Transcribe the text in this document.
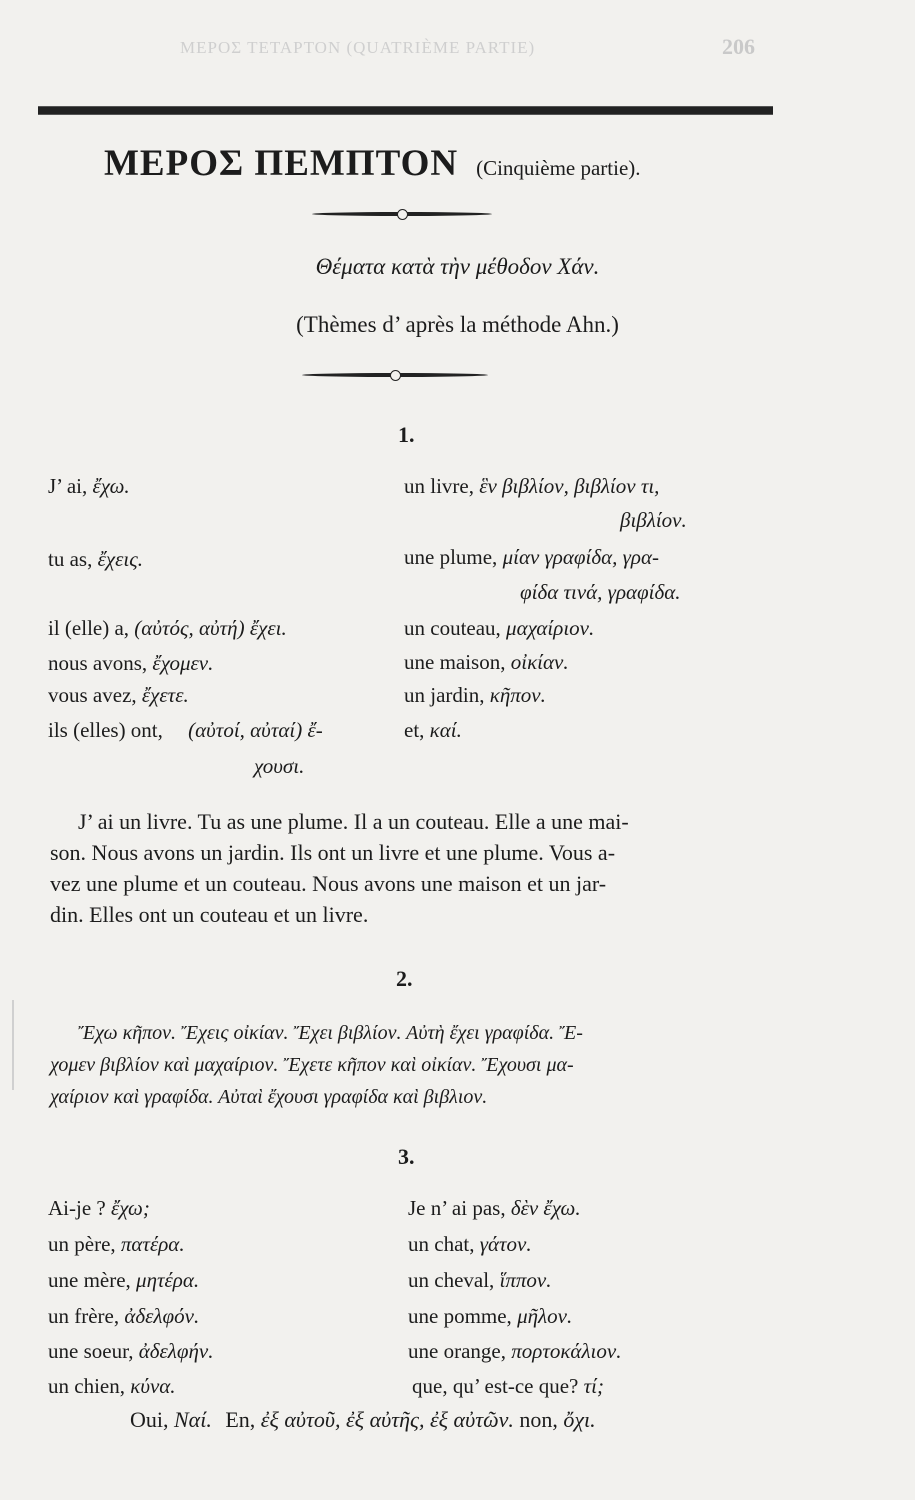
ΜΕΡΟΣ ΤΕΤΑΡΤΟΝ (QUATRIÈME PARTIE)	206
ΜΕΡΟΣ ΠΕΜΠΤΟΝ (Cinquième partie).
Θέματα κατὰ τὴν μέθοδον Χάν.
(Thèmes d’ après la méthode Ahn.)
1.
J’ ai, ἔχω.
tu as, ἔχεις.
il (elle) a, (αὐτός, αὐτή) ἔχει.
nous avons, ἔχομεν.
vous avez, ἔχετε.
ils (elles) ont, (αὐτοί, αὐταί) ἔ-
χουσι.
un livre, ἓν βιβλίον, βιβλίον τι,
βιβλίον.
une plume, μίαν γραφίδα, γρα-
φίδα τινά, γραφίδα.
un couteau, μαχαίριον.
une maison, οἰκίαν.
un jardin, κῆπον.
et, καί.
J’ ai un livre. Tu as une plume. Il a un couteau. Elle a une mai-
son. Nous avons un jardin. Ils ont un livre et une plume. Vous a-
vez une plume et un couteau. Nous avons une maison et un jar-
din. Elles ont un couteau et un livre.
2.
Ἔχω κῆπον. Ἔχεις οἰκίαν. Ἔχει βιβλίον. Αὐτὴ ἔχει γραφίδα. Ἔ-
χομεν βιβλίον καὶ μαχαίριον. Ἔχετε κῆπον καὶ οἰκίαν. Ἔχουσι μα-
χαίριον καὶ γραφίδα. Αὐταὶ ἔχουσι γραφίδα καὶ βιβλιον.
3.
Ai-je ? ἔχω;
un père, πατέρα.
une mère, μητέρα.
un frère, ἀδελφόν.
une soeur, ἀδελφήν.
un chien, κύνα.
Je n’ ai pas, δὲν ἔχω.
un chat, γάτον.
un cheval, ἵππον.
une pomme, μῆλον.
une orange, πορτοκάλιον.
que, qu’ est-ce que? τί;
Oui, Ναί. En, ἐξ αὐτοῦ, ἐξ αὐτῆς, ἐξ αὐτῶν. non, ὄχι.
